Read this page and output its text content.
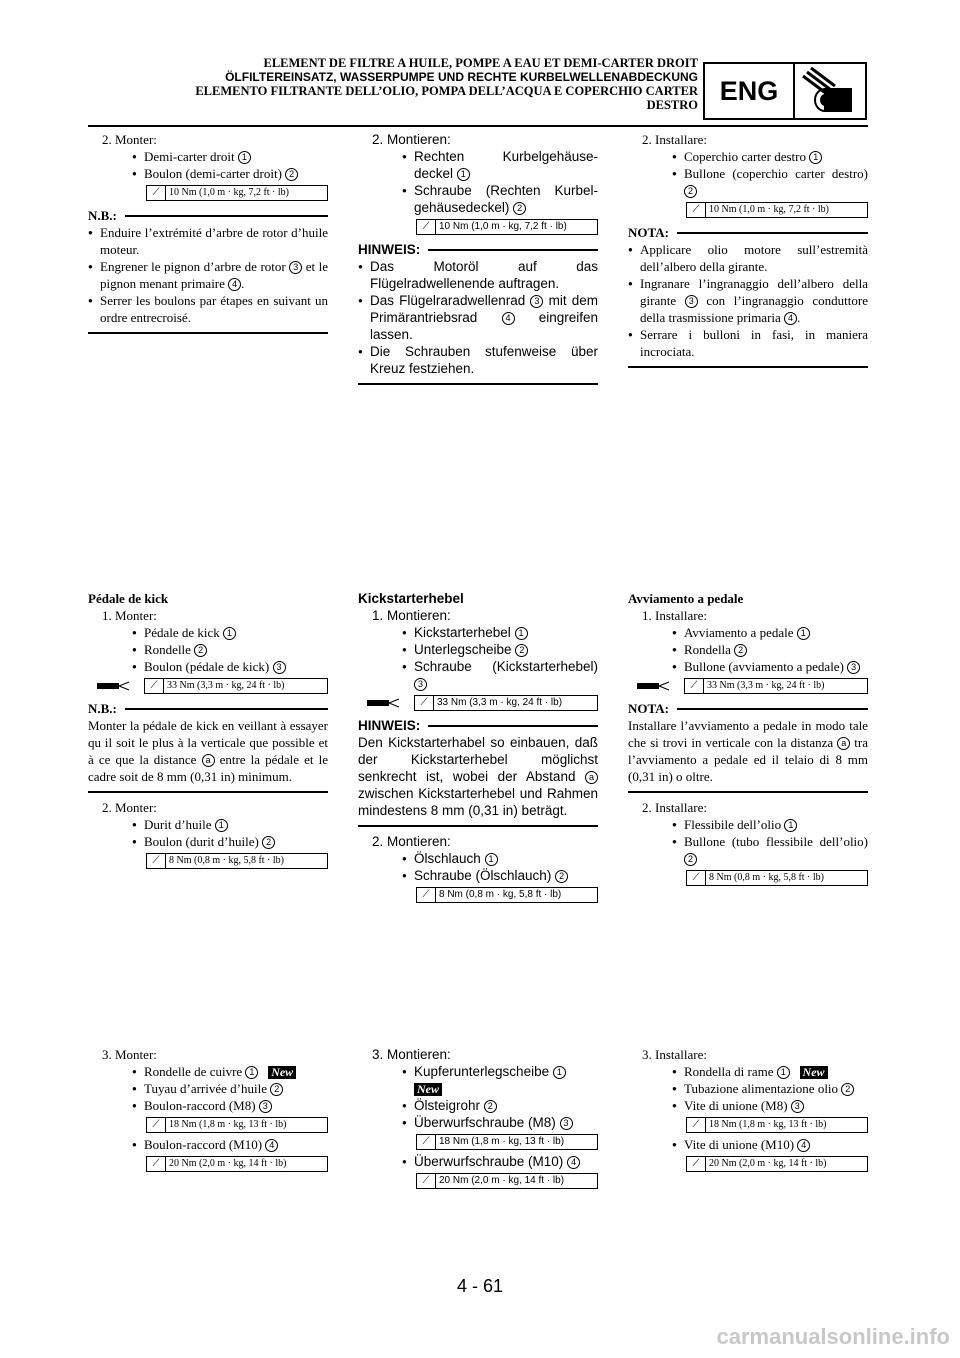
ELEMENT DE FILTRE A HUILE, POMPE A EAU ET DEMI-CARTER DROIT
ÖLFILTEREINSATZ, WASSERPUMPE UND RECHTE KURBELWELLENABDECKUNG
ELEMENTO FILTRANTE DELL’OLIO, POMPA DELL’ACQUA E COPERCHIO CARTER
DESTRO ENG
2. Monter:
● Demi-carter droit 1
● Boulon (demi-carter droit) 2
⟋ 10 Nm (1,0 m · kg, 7,2 ft · lb)
N.B.:
● Enduire l’extrémité d’arbre de rotor d’huile moteur.
● Engrener le pignon d’arbre de rotor 3 et le pignon menant primaire 4 .
● Serrer les boulons par étapes en suivant un ordre entrecroisé.
Pédale de kick
1. Monter:
● Pédale de kick 1
● Rondelle 2
● Boulon (pédale de kick) 3
⟋ 33 Nm (3,3 m · kg, 24 ft · lb)
N.B.:
Monter la pédale de kick en veillant à essayer qu il soit le plus à la verticale que possible et à ce que la distance a entre la pédale et le cadre soit de 8 mm (0,31 in) minimum.
2. Monter:
● Durit d’huile 1
● Boulon (durit d’huile) 2
⟋ 8 Nm (0,8 m · kg, 5,8 ft · lb)
3. Monter:
● Rondelle de cuivre 1 New
● Tuyau d’arrivée d’huile 2
● Boulon-raccord (M8) 3
⟋ 18 Nm (1,8 m · kg, 13 ft · lb)
● Boulon-raccord (M10) 4
⟋ 20 Nm (2,0 m · kg, 14 ft · lb)
2. Montieren:
● Rechten Kurbelgehäuse-deckel 1
● Schraube (Rechten Kurbel-gehäusedeckel) 2
⟋ 10 Nm (1,0 m · kg, 7,2 ft · lb)
HINWEIS:
● Das Motoröl auf das Flügelradwellenende auftragen.
● Das Flügelraradwellenrad 3 mit dem Primärantriebsrad	4 eingreifen lassen.
● Die Schrauben stufenweise über Kreuz festziehen.
Kickstarterhebel
1. Montieren:
● Kickstarterhebel 1
● Unterlegscheibe 2
● Schraube (Kickstarterhebel) 3
⟋ 33 Nm (3,3 m · kg, 24 ft · lb)
HINWEIS:
Den Kickstarterhabel so einbauen, daß der Kickstarterhebel möglichst senkrecht ist, wobei der Abstand a zwischen Kickstarterhebel und Rahmen mindestens 8 mm (0,31 in) beträgt.
2. Montieren:
● Ölschlauch 1
● Schraube (Ölschlauch) 2
⟋ 8 Nm (0,8 m · kg, 5,8 ft · lb)
3. Montieren:
● Kupferunterlegscheibe 1
New
● Ölsteigrohr 2
● Überwurfschraube (M8) 3
⟋ 18 Nm (1,8 m · kg, 13 ft · lb)
● Überwurfschraube (M10) 4
⟋ 20 Nm (2,0 m · kg, 14 ft · lb)
2. Installare:
● Coperchio carter destro 1
● Bullone (coperchio carter destro) 2
⟋ 10 Nm (1,0 m · kg, 7,2 ft · lb)
NOTA:
● Applicare olio motore sull’estremità dell’albero della girante.
● Ingranare l’ingranaggio dell’albero della girante 3 con l’ingranaggio conduttore della trasmissione primaria 4 .
● Serrare i bulloni in fasi, in maniera incrociata.
Avviamento a pedale
1. Installare:
● Avviamento a pedale 1
● Rondella 2
● Bullone (avviamento a pedale) 3
⟋ 33 Nm (3,3 m · kg, 24 ft · lb)
NOTA:
Installare l’avviamento a pedale in modo tale che si trovi in verticale con la distanza a tra l’avviamento a pedale ed il telaio di 8 mm (0,31 in) o oltre.
2. Installare:
● Flessibile dell’olio 1
● Bullone (tubo flessibile dell’olio) 2
⟋ 8 Nm (0,8 m · kg, 5,8 ft · lb)
3. Installare:
● Rondella di rame 1 New
● Tubazione alimentazione olio 2
● Vite di unione (M8) 3
⟋ 18 Nm (1,8 m · kg, 13 ft · lb)
● Vite di unione (M10) 4
⟋ 20 Nm (2,0 m · kg, 14 ft · lb)
4 - 61
carmanualsonline.info
